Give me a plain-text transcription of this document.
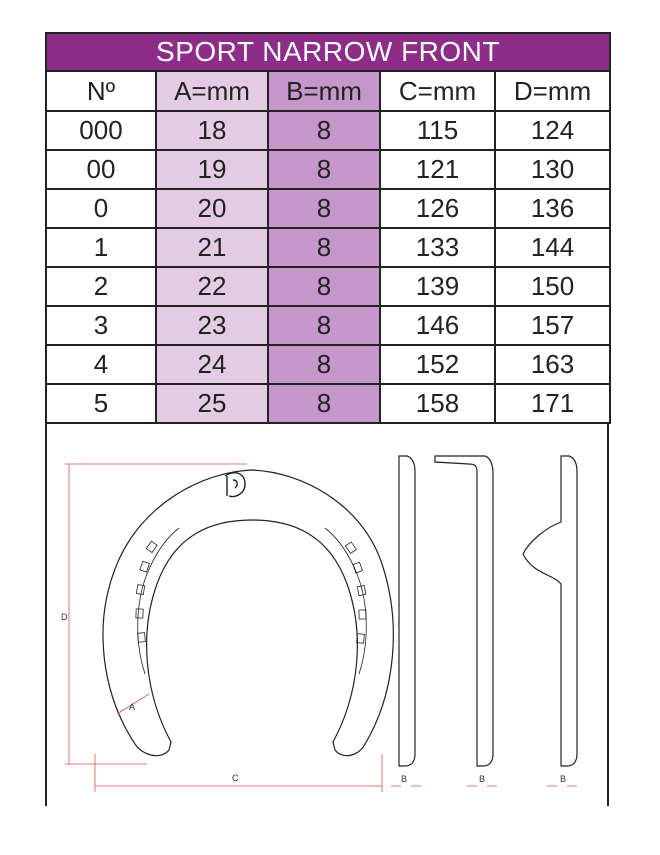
SPORT NARROW FRONT				
Nº	A=mm	B=mm	C=mm	D=mm
000	18	8	115	124
00	19	8	121	130
0	20	8	126	136
1	21	8	133	144
2	22	8	139	150
3	23	8	146	157
4	24	8	152	163
5	25	8	158	171
D
C
A
B	B	B
